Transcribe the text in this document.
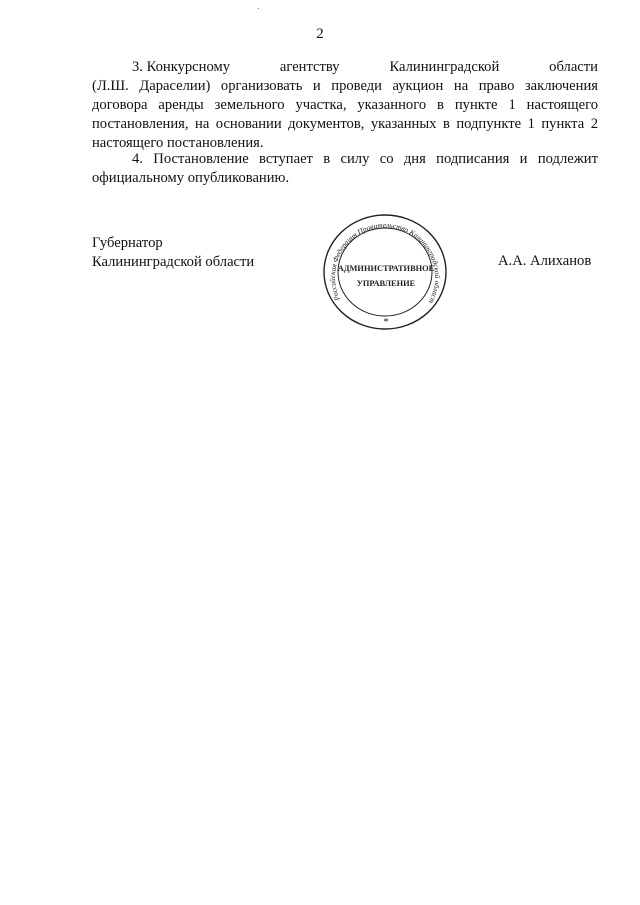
2
3. Конкурсному	агентству	Калининградской	области
(Л.Ш. Дараселии) организовать и проведи аукцион на право заключения
договора аренды земельного участка, указанного в пункте 1 настоящего
постановления, на основании документов, указанных в подпункте 1 пункта 2
настоящего постановления.
4. Постановление вступает в силу со дня подписания и подлежит
официальному опубликованию.
Губернатор
Калининградской области	А.А. Алиханов
Российская Федерация Правительство Калининградской област
АДМИНИСТРАТИВНОЕ
УПРАВЛЕНИЕ
*
